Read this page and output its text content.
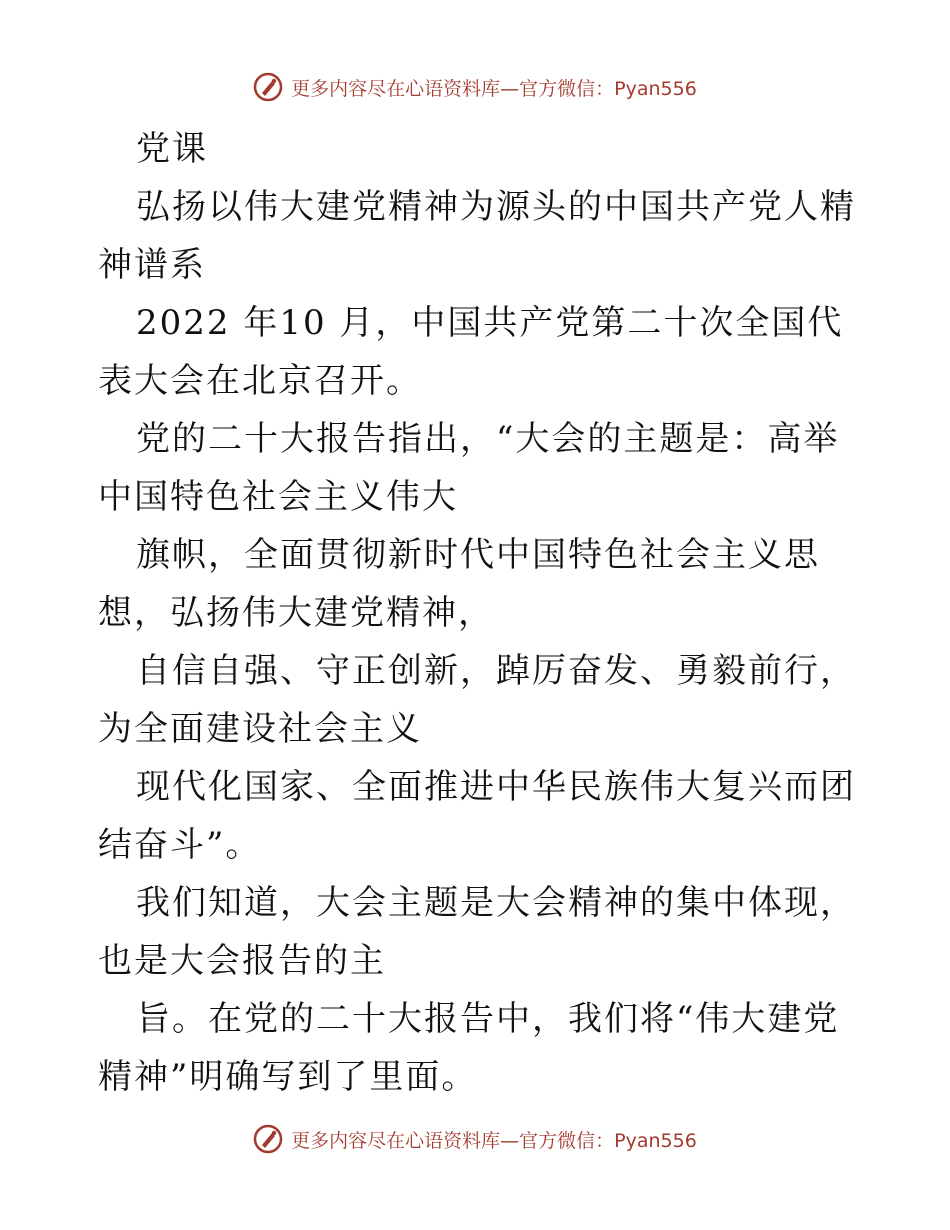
更多内容尽在心语资料库—官方微信：Pyan556

党课

弘扬以伟大建党精神为源头的中国共产党人精神谱系

2022 年10 月，中国共产党第二十次全国代表大会在北京召开。

党的二十大报告指出，“大会的主题是：高举中国特色社会主义伟大

旗帜，全面贯彻新时代中国特色社会主义思想，弘扬伟大建党精神，

自信自强、守正创新，踔厉奋发、勇毅前行，为全面建设社会主义

现代化国家、全面推进中华民族伟大复兴而团结奋斗”。

我们知道，大会主题是大会精神的集中体现，也是大会报告的主

旨。在党的二十大报告中，我们将“伟大建党精神”明确写到了里面。

更多内容尽在心语资料库—官方微信：Pyan556
